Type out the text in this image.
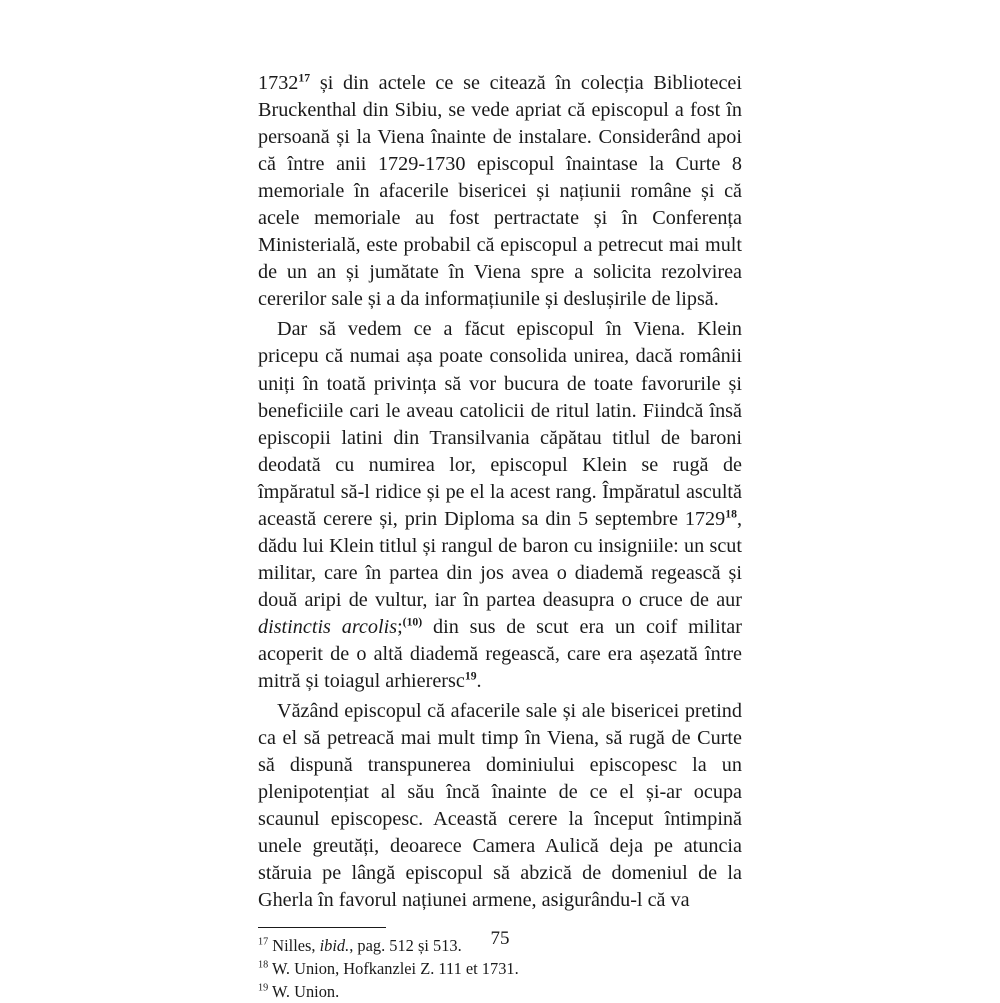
1732$^{17}$ și din actele ce se citează în colecția Bibliotecei Bruckenthal din Sibiu, se vede apriat că episcopul a fost în persoană și la Viena înainte de instalare. Considerând apoi că între anii 1729-1730 episcopul înaintase la Curte 8 memoriale în afacerile bisericei și națiunii române și că acele memoriale au fost pertractate și în Conferența Ministerială, este probabil că episcopul a petrecut mai mult de un an și jumătate în Viena spre a solicita rezolvirea cererilor sale și a da informațiunile și deslușirile de lipsă.

Dar să vedem ce a făcut episcopul în Viena. Klein pricepu că numai așa poate consolida unirea, dacă românii uniți în toată privința să vor bucura de toate favorurile și beneficiile cari le aveau catolicii de ritul latin. Fiindcă însă episcopii latini din Transilvania căpătau titlul de baroni deodată cu numirea lor, episcopul Klein se rugă de împăratul să-l ridice și pe el la acest rang. Împăratul ascultă această cerere și, prin Diploma sa din 5 septembre 1729$^{18}$, dădu lui Klein titlul și rangul de baron cu insigniile: un scut militar, care în partea din jos avea o diademă regească și două aripi de vultur, iar în partea deasupra o cruce de aur distinctis arcolis;$^{(10)}$ din sus de scut era un coif militar acoperit de o altă diademă regească, care era așezată între mitră și toiagul arhierersc$^{19}$.

Văzând episcopul că afacerile sale și ale bisericei pretind ca el să petreacă mai mult timp în Viena, să rugă de Curte să dispună transpunerea dominiului episcopesc la un plenipotențiat al său încă înainte de ce el și-ar ocupa scaunul episcopesc. Această cerere la început întimpină unele greutăți, deoarece Camera Aulică deja pe atuncia stăruia pe lângă episcopul să abzică de domeniul de la Gherla în favorul națiunei armene, asigurându-l că va

$^{17}$ Nilles, ibid., pag. 512 și 513.

$^{18}$ W. Union, Hofkanzlei Z. 111 et 1731.

$^{19}$ W. Union.

75
